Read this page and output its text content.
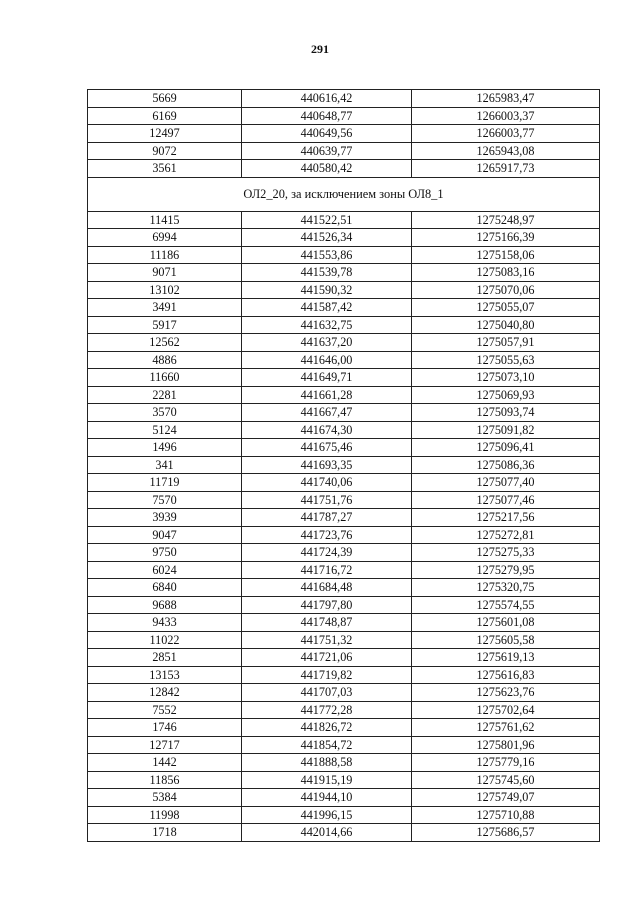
291
5669	440616,42	1265983,47
6169	440648,77	1266003,37
12497	440649,56	1266003,77
9072	440639,77	1265943,08
3561	440580,42	1265917,73
ОЛ2_20, за исключением зоны ОЛ8_1		
11415	441522,51	1275248,97
6994	441526,34	1275166,39
11186	441553,86	1275158,06
9071	441539,78	1275083,16
13102	441590,32	1275070,06
3491	441587,42	1275055,07
5917	441632,75	1275040,80
12562	441637,20	1275057,91
4886	441646,00	1275055,63
11660	441649,71	1275073,10
2281	441661,28	1275069,93
3570	441667,47	1275093,74
5124	441674,30	1275091,82
1496	441675,46	1275096,41
341	441693,35	1275086,36
11719	441740,06	1275077,40
7570	441751,76	1275077,46
3939	441787,27	1275217,56
9047	441723,76	1275272,81
9750	441724,39	1275275,33
6024	441716,72	1275279,95
6840	441684,48	1275320,75
9688	441797,80	1275574,55
9433	441748,87	1275601,08
11022	441751,32	1275605,58
2851	441721,06	1275619,13
13153	441719,82	1275616,83
12842	441707,03	1275623,76
7552	441772,28	1275702,64
1746	441826,72	1275761,62
12717	441854,72	1275801,96
1442	441888,58	1275779,16
11856	441915,19	1275745,60
5384	441944,10	1275749,07
11998	441996,15	1275710,88
1718	442014,66	1275686,57
